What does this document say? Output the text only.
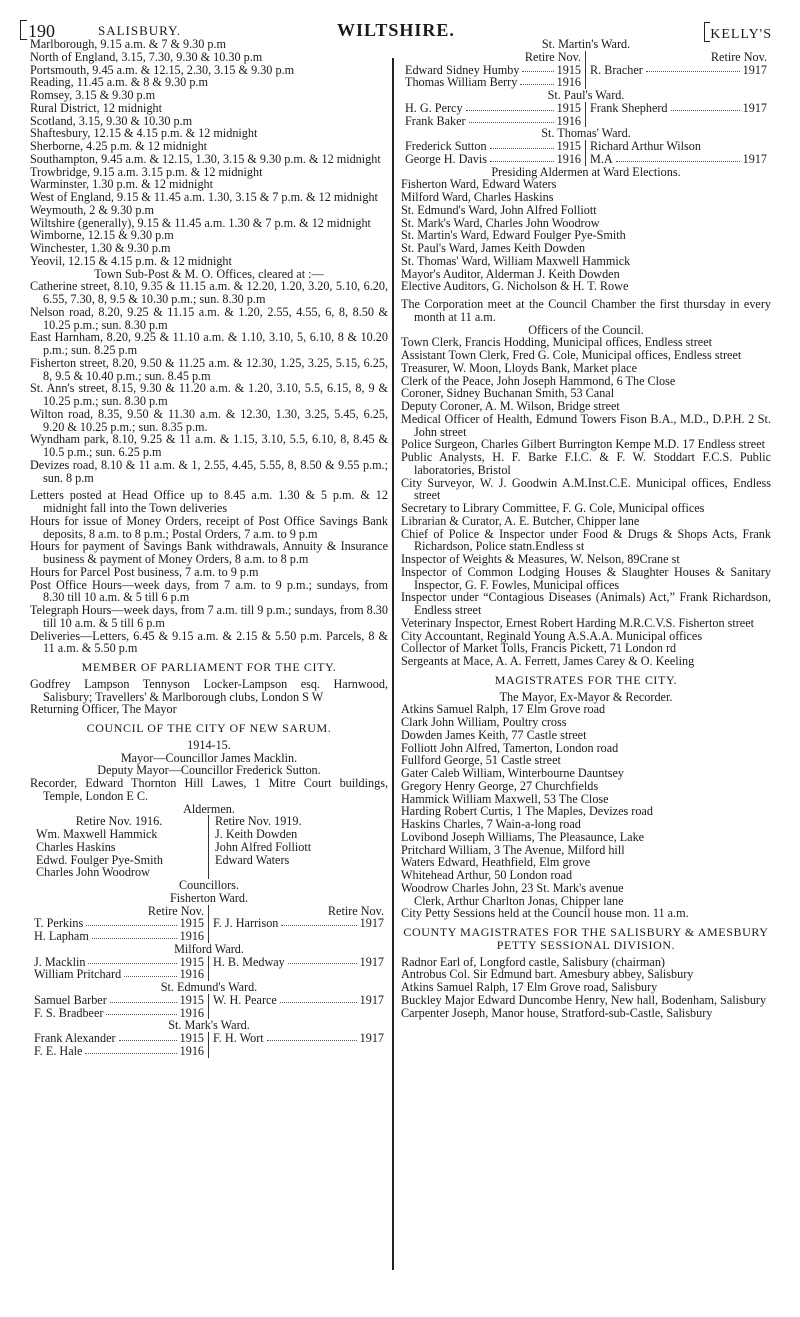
190	SALISBURY.	WILTSHIRE.	KELLY'S
Marlborough, 9.15 a.m. & 7 & 9.30 p.m
North of England, 3.15, 7.30, 9.30 & 10.30 p.m
Portsmouth, 9.45 a.m. & 12.15, 2.30, 3.15 & 9.30 p.m
Reading, 11.45 a.m. & 8 & 9.30 p.m
Romsey, 3.15 & 9.30 p.m
Rural District, 12 midnight
Scotland, 3.15, 9.30 & 10.30 p.m
Shaftesbury, 12.15 & 4.15 p.m. & 12 midnight
Sherborne, 4.25 p.m. & 12 midnight
Southampton, 9.45 a.m. & 12.15, 1.30, 3.15 & 9.30 p.m. & 12 midnight
Trowbridge, 9.15 a.m. 3.15 p.m. & 12 midnight
Warminster, 1.30 p.m. & 12 midnight
West of England, 9.15 & 11.45 a.m. 1.30, 3.15 & 7 p.m. & 12 midnight
Weymouth, 2 & 9.30 p.m
Wiltshire (generally), 9.15 & 11.45 a.m. 1.30 & 7 p.m. & 12 midnight
Wimborne, 12.15 & 9.30 p.m
Winchester, 1.30 & 9.30 p.m
Yeovil, 12.15 & 4.15 p.m. & 12 midnight
Town Sub-Post & M. O. Offices, cleared at :—
Catherine street, 8.10, 9.35 & 11.15 a.m. & 12.20, 1.20, 3.20, 5.10, 6.20, 6.55, 7.30, 8, 9.5 & 10.30 p.m.; sun. 8.30 p.m
Nelson road, 8.20, 9.25 & 11.15 a.m. & 1.20, 2.55, 4.55, 6, 8, 8.50 & 10.25 p.m.; sun. 8.30 p.m
East Harnham, 8.20, 9.25 & 11.10 a.m. & 1.10, 3.10, 5, 6.10, 8 & 10.20 p.m.; sun. 8.25 p.m
Fisherton street, 8.20, 9.50 & 11.25 a.m. & 12.30, 1.25, 3.25, 5.15, 6.25, 8, 9.5 & 10.40 p.m.; sun. 8.45 p.m
St. Ann's street, 8.15, 9.30 & 11.20 a.m. & 1.20, 3.10, 5.5, 6.15, 8, 9 & 10.25 p.m.; sun. 8.30 p.m
Wilton road, 8.35, 9.50 & 11.30 a.m. & 12.30, 1.30, 3.25, 5.45, 6.25, 9.20 & 10.25 p.m.; sun. 8.35 p.m.
Wyndham park, 8.10, 9.25 & 11 a.m. & 1.15, 3.10, 5.5, 6.10, 8, 8.45 & 10.5 p.m.; sun. 6.25 p.m
Devizes road, 8.10 & 11 a.m. & 1, 2.55, 4.45, 5.55, 8, 8.50 & 9.55 p.m.; sun. 8 p.m
Letters posted at Head Office up to 8.45 a.m. 1.30 & 5 p.m. & 12 midnight fall into the Town deliveries
Hours for issue of Money Orders, receipt of Post Office Savings Bank deposits, 8 a.m. to 8 p.m.; Postal Orders, 7 a.m. to 9 p.m
Hours for payment of Savings Bank withdrawals, Annuity & Insurance business & payment of Money Orders, 8 a.m. to 8 p.m
Hours for Parcel Post business, 7 a.m. to 9 p.m
Post Office Hours—week days, from 7 a.m. to 9 p.m.; sundays, from 8.30 till 10 a.m. & 5 till 6 p.m
Telegraph Hours—week days, from 7 a.m. till 9 p.m.; sundays, from 8.30 till 10 a.m. & 5 till 6 p.m
Deliveries—Letters, 6.45 & 9.15 a.m. & 2.15 & 5.50 p.m. Parcels, 8 & 11 a.m. & 5.50 p.m
MEMBER OF PARLIAMENT FOR THE CITY.
Godfrey Lampson Tennyson Locker-Lampson esq. Harnwood, Salisbury; Travellers' & Marlborough clubs, London S W
Returning Officer, The Mayor
COUNCIL OF THE CITY OF NEW SARUM.
1914-15.
Mayor—Councillor James Macklin.
Deputy Mayor—Councillor Frederick Sutton.
Recorder, Edward Thornton Hill Lawes, 1 Mitre Court buildings, Temple, London E C.
Aldermen.
Retire Nov. 1916.
Wm. Maxwell Hammick
Charles Haskins
Edwd. Foulger Pye-Smith
Charles John Woodrow
Retire Nov. 1919.
J. Keith Dowden
John Alfred Folliott
Edward Waters
Councillors.
Fisherton Ward.
Retire Nov.	Retire Nov.
T. Perkins	1915 F. J. Harrison	1917
H. Lapham	1916
Milford Ward.
J. Macklin	1915 H. B. Medway	1917
William Pritchard	1916
St. Edmund's Ward.
Samuel Barber	1915 W. H. Pearce	1917
F. S. Bradbeer	1916
St. Mark's Ward.
Frank Alexander	1915 F. H. Wort	1917
F. E. Hale	1916
St. Martin's Ward.
Retire Nov.	Retire Nov.
Edward Sidney Humby	1915 R. Bracher	1917
Thomas William Berry	1916
St. Paul's Ward.
H. G. Percy	1915 Frank Shepherd	1917
Frank Baker	1916
St. Thomas' Ward.
Frederick Sutton	1915 Richard Arthur Wilson
George H. Davis	1916 M.A	1917
Presiding Aldermen at Ward Elections.
Fisherton Ward, Edward Waters
Milford Ward, Charles Haskins
St. Edmund's Ward, John Alfred Folliott
St. Mark's Ward, Charles John Woodrow
St. Martin's Ward, Edward Foulger Pye-Smith
St. Paul's Ward, James Keith Dowden
St. Thomas' Ward, William Maxwell Hammick
Mayor's Auditor, Alderman J. Keith Dowden
Elective Auditors, G. Nicholson & H. T. Rowe
The Corporation meet at the Council Chamber the first thursday in every month at 11 a.m.
Officers of the Council.
Town Clerk, Francis Hodding, Municipal offices, Endless street
Assistant Town Clerk, Fred G. Cole, Municipal offices, Endless street
Treasurer, W. Moon, Lloyds Bank, Market place
Clerk of the Peace, John Joseph Hammond, 6 The Close
Coroner, Sidney Buchanan Smith, 53 Canal
Deputy Coroner, A. M. Wilson, Bridge street
Medical Officer of Health, Edmund Towers Fison B.A., M.D., D.P.H. 2 St. John street
Police Surgeon, Charles Gilbert Burrington Kempe M.D. 17 Endless street
Public Analysts, H. F. Barke F.I.C. & F. W. Stoddart F.C.S. Public laboratories, Bristol
City Surveyor, W. J. Goodwin A.M.Inst.C.E. Municipal offices, Endless street
Secretary to Library Committee, F. G. Cole, Municipal offices
Librarian & Curator, A. E. Butcher, Chipper lane
Chief of Police & Inspector under Food & Drugs & Shops Acts, Frank Richardson, Police statn.Endless st
Inspector of Weights & Measures, W. Nelson, 89Crane st
Inspector of Common Lodging Houses & Slaughter Houses & Sanitary Inspector, G. F. Fowles, Municipal offices
Inspector under “Contagious Diseases (Animals) Act,” Frank Richardson, Endless street
Veterinary Inspector, Ernest Robert Harding M.R.C.V.S. Fisherton street
City Accountant, Reginald Young A.S.A.A. Municipal offices
Collector of Market Tolls, Francis Pickett, 71 London rd
Sergeants at Mace, A. A. Ferrett, James Carey & O. Keeling
MAGISTRATES FOR THE CITY.
The Mayor, Ex-Mayor & Recorder.
Atkins Samuel Ralph, 17 Elm Grove road
Clark John William, Poultry cross
Dowden James Keith, 77 Castle street
Folliott John Alfred, Tamerton, London road
Fullford George, 51 Castle street
Gater Caleb William, Winterbourne Dauntsey
Gregory Henry George, 27 Churchfields
Hammick William Maxwell, 53 The Close
Harding Robert Curtis, 1 The Maples, Devizes road
Haskins Charles, 7 Wain-a-long road
Lovibond Joseph Williams, The Pleasaunce, Lake
Pritchard William, 3 The Avenue, Milford hill
Waters Edward, Heathfield, Elm grove
Whitehead Arthur, 50 London road
Woodrow Charles John, 23 St. Mark's avenue
Clerk, Arthur Charlton Jonas, Chipper lane
City Petty Sessions held at the Council house mon. 11 a.m.
COUNTY MAGISTRATES FOR THE SALISBURY & AMESBURY PETTY SESSIONAL DIVISION.
Radnor Earl of, Longford castle, Salisbury (chairman)
Antrobus Col. Sir Edmund bart. Amesbury abbey, Salisbury
Atkins Samuel Ralph, 17 Elm Grove road, Salisbury
Buckley Major Edward Duncombe Henry, New hall, Bodenham, Salisbury
Carpenter Joseph, Manor house, Stratford-sub-Castle, Salisbury
